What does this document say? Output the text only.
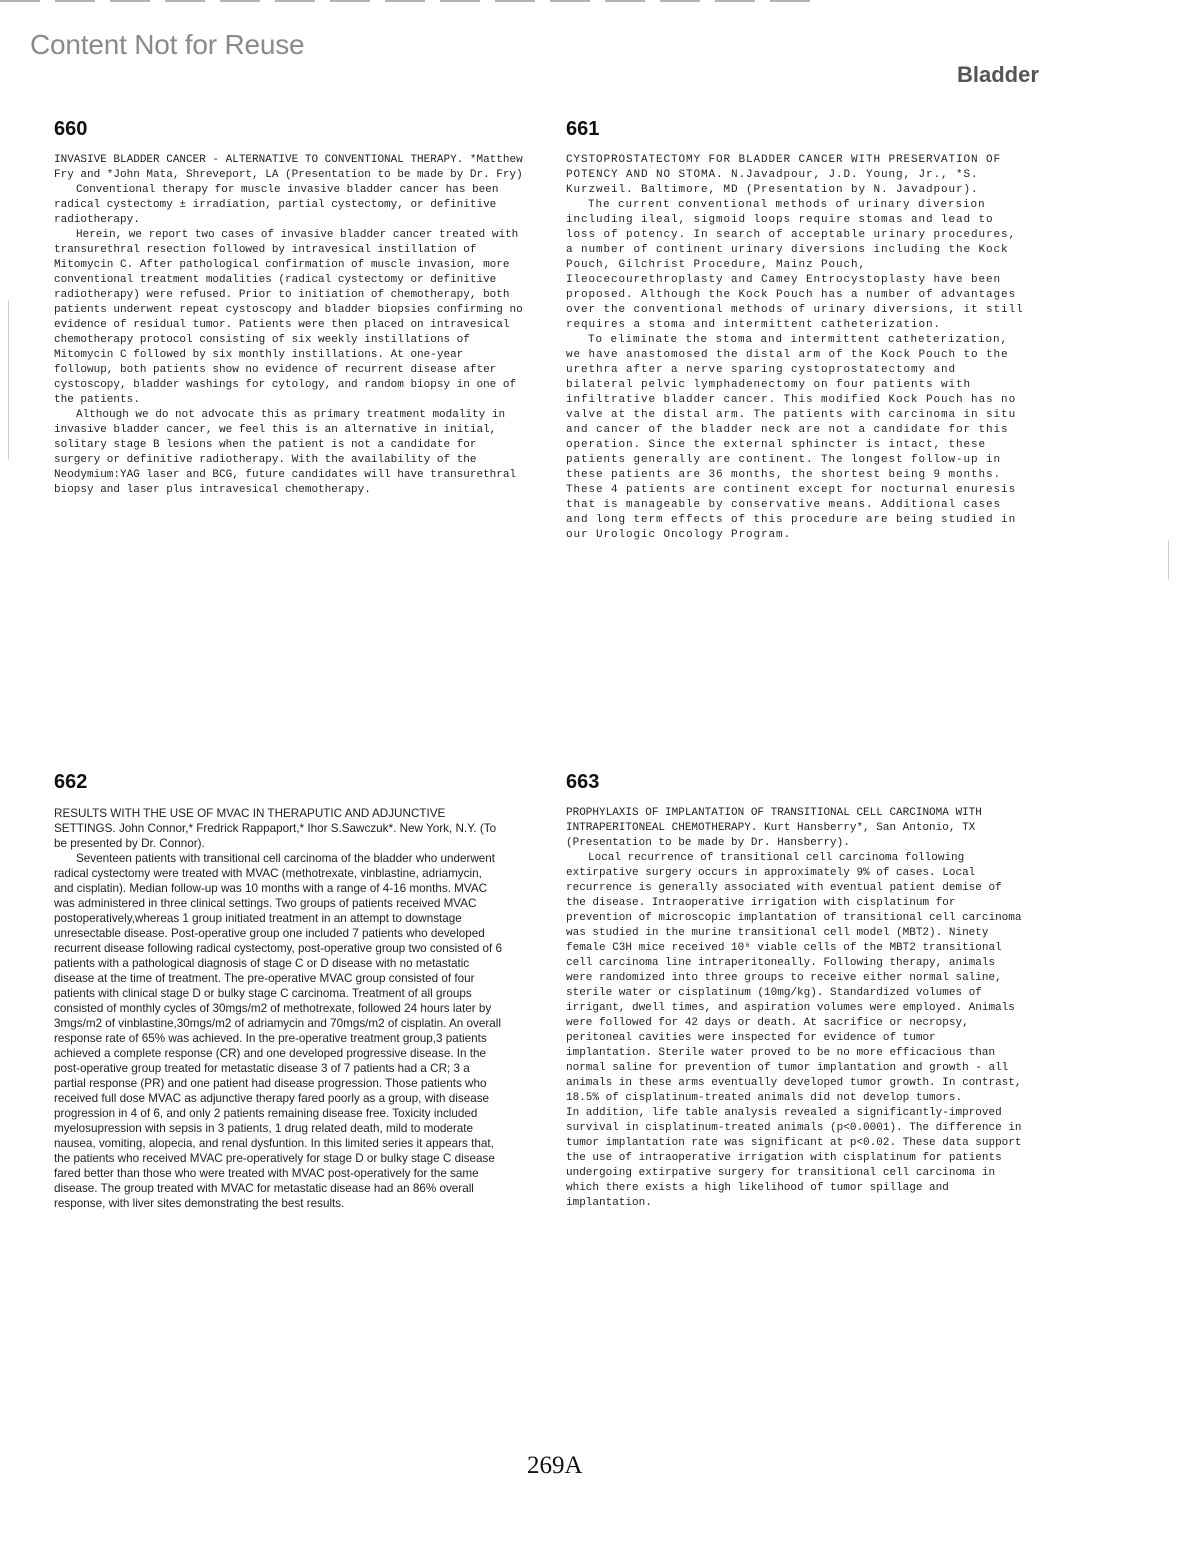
Content Not for Reuse
Bladder
660

INVASIVE BLADDER CANCER - ALTERNATIVE TO CONVENTIONAL THERAPY. *Matthew Fry and *John Mata, Shreveport, LA (Presentation to be made by Dr. Fry)

Conventional therapy for muscle invasive bladder cancer has been radical cystectomy ± irradiation, partial cystectomy, or definitive radiotherapy.

Herein, we report two cases of invasive bladder cancer treated with transurethral resection followed by intravesical instillation of Mitomycin C. After pathological confirmation of muscle invasion, more conventional treatment modalities (radical cystectomy or definitive radiotherapy) were refused. Prior to initiation of chemotherapy, both patients underwent repeat cystoscopy and bladder biopsies confirming no evidence of residual tumor. Patients were then placed on intravesical chemotherapy protocol consisting of six weekly instillations of Mitomycin C followed by six monthly instillations. At one-year followup, both patients show no evidence of recurrent disease after cystoscopy, bladder washings for cytology, and random biopsy in one of the patients.

Although we do not advocate this as primary treatment modality in invasive bladder cancer, we feel this is an alternative in initial, solitary stage B lesions when the patient is not a candidate for surgery or definitive radiotherapy. With the availability of the Neodymium:YAG laser and BCG, future candidates will have transurethral biopsy and laser plus intravesical chemotherapy.

661

CYSTOPROSTATECTOMY FOR BLADDER CANCER WITH PRESERVATION OF POTENCY AND NO STOMA. N.Javadpour, J.D. Young, Jr., *S. Kurzweil. Baltimore, MD (Presentation by N. Javadpour).

The current conventional methods of urinary diversion including ileal, sigmoid loops require stomas and lead to loss of potency. In search of acceptable urinary procedures, a number of continent urinary diversions including the Kock Pouch, Gilchrist Procedure, Mainz Pouch, Ileocecourethroplasty and Camey Entrocystoplasty have been proposed. Although the Kock Pouch has a number of advantages over the conventional methods of urinary diversions, it still requires a stoma and intermittent catheterization.

To eliminate the stoma and intermittent catheterization, we have anastomosed the distal arm of the Kock Pouch to the urethra after a nerve sparing cystoprostatectomy and bilateral pelvic lymphadenectomy on four patients with infiltrative bladder cancer. This modified Kock Pouch has no valve at the distal arm. The patients with carcinoma in situ and cancer of the bladder neck are not a candidate for this operation. Since the external sphincter is intact, these patients generally are continent. The longest follow-up in these patients are 36 months, the shortest being 9 months. These 4 patients are continent except for nocturnal enuresis that is manageable by conservative means. Additional cases and long term effects of this procedure are being studied in our Urologic Oncology Program.

662

RESULTS WITH THE USE OF MVAC IN THERAPUTIC AND ADJUNCTIVE SETTINGS. John Connor,* Fredrick Rappaport,* Ihor S.Sawczuk*. New York, N.Y. (To be presented by Dr. Connor).

Seventeen patients with transitional cell carcinoma of the bladder who underwent radical cystectomy were treated with MVAC (methotrexate, vinblastine, adriamycin, and cisplatin). Median follow-up was 10 months with a range of 4-16 months. MVAC was administered in three clinical settings. Two groups of patients received MVAC postoperatively,whereas 1 group initiated treatment in an attempt to downstage unresectable disease. Post-operative group one included 7 patients who developed recurrent disease following radical cystectomy, post-operative group two consisted of 6 patients with a pathological diagnosis of stage C or D disease with no metastatic disease at the time of treatment. The pre-operative MVAC group consisted of four patients with clinical stage D or bulky stage C carcinoma. Treatment of all groups consisted of monthly cycles of 30mgs/m2 of methotrexate, followed 24 hours later by 3mgs/m2 of vinblastine,30mgs/m2 of adriamycin and 70mgs/m2 of cisplatin. An overall response rate of 65% was achieved. In the pre-operative treatment group,3 patients achieved a complete response (CR) and one developed progressive disease. In the post-operative group treated for metastatic disease 3 of 7 patients had a CR; 3 a partial response (PR) and one patient had disease progression. Those patients who received full dose MVAC as adjunctive therapy fared poorly as a group, with disease progression in 4 of 6, and only 2 patients remaining disease free. Toxicity included myelosupression with sepsis in 3 patients, 1 drug related death, mild to moderate nausea, vomiting, alopecia, and renal dysfuntion. In this limited series it appears that, the patients who received MVAC pre-operatively for stage D or bulky stage C disease fared better than those who were treated with MVAC post-operatively for the same disease. The group treated with MVAC for metastatic disease had an 86% overall response, with liver sites demonstrating the best results.

663

PROPHYLAXIS OF IMPLANTATION OF TRANSITIONAL CELL CARCINOMA WITH INTRAPERITONEAL CHEMOTHERAPY. Kurt Hansberry*, San Antonio, TX (Presentation to be made by Dr. Hansberry).

Local recurrence of transitional cell carcinoma following extirpative surgery occurs in approximately 9% of cases. Local recurrence is generally associated with eventual patient demise of the disease. Intraoperative irrigation with cisplatinum for prevention of microscopic implantation of transitional cell carcinoma was studied in the murine transitional cell model (MBT2). Ninety female C3H mice received 10⁶ viable cells of the MBT2 transitional cell carcinoma line intraperitoneally. Following therapy, animals were randomized into three groups to receive either normal saline, sterile water or cisplatinum (10mg/kg). Standardized volumes of irrigant, dwell times, and aspiration volumes were employed. Animals were followed for 42 days or death. At sacrifice or necropsy, peritoneal cavities were inspected for evidence of tumor implantation. Sterile water proved to be no more efficacious than normal saline for prevention of tumor implantation and growth - all animals in these arms eventually developed tumor growth. In contrast, 18.5% of cisplatinum-treated animals did not develop tumors.

In addition, life table analysis revealed a significantly-improved survival in cisplatinum-treated animals (p<0.0001). The difference in tumor implantation rate was significant at p<0.02. These data support the use of intraoperative irrigation with cisplatinum for patients undergoing extirpative surgery for transitional cell carcinoma in which there exists a high likelihood of tumor spillage and implantation.

269A
